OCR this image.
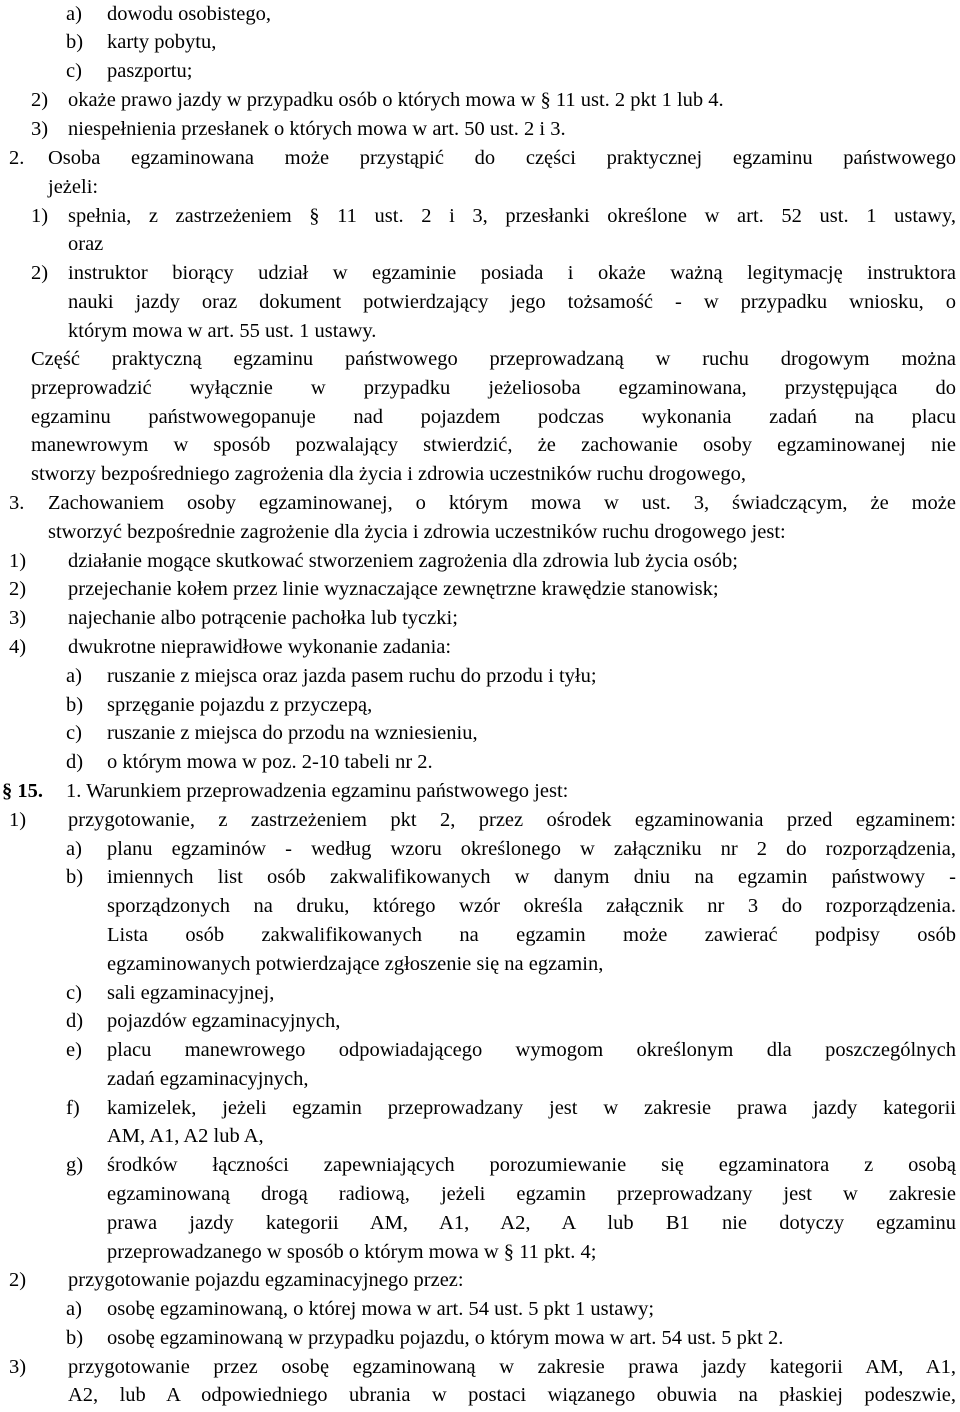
a) dowodu osobistego,
b) karty pobytu,
c) paszportu;
2) okaże prawo jazdy w przypadku osób o których mowa w § 11 ust. 2 pkt 1 lub 4.
3) niespełnienia przesłanek o których mowa w art. 50 ust. 2 i 3.
2. Osoba egzaminowana może przystąpić do części praktycznej egzaminu państwowego
jeżeli:
1) spełnia, z zastrzeżeniem § 11 ust. 2 i 3, przesłanki określone w art. 52 ust. 1 ustawy,
oraz
2) instruktor biorący udział w egzaminie posiada i okaże ważną legitymację instruktora
nauki jazdy oraz dokument potwierdzający jego tożsamość - w przypadku wniosku, o
którym mowa w art. 55 ust. 1 ustawy.
Część praktyczną egzaminu państwowego przeprowadzaną w ruchu drogowym można
przeprowadzić wyłącznie w przypadku jeżeliosoba egzaminowana, przystępująca do
egzaminu państwowegopanuje nad pojazdem podczas wykonania zadań na placu
manewrowym w sposób pozwalający stwierdzić, że zachowanie osoby egzaminowanej nie
stworzy bezpośredniego zagrożenia dla życia i zdrowia uczestników ruchu drogowego,
3. Zachowaniem osoby egzaminowanej, o którym mowa w ust. 3, świadczącym, że może
stworzyć bezpośrednie zagrożenie dla życia i zdrowia uczestników ruchu drogowego jest:
1) działanie mogące skutkować stworzeniem zagrożenia dla zdrowia lub życia osób;
2) przejechanie kołem przez linie wyznaczające zewnętrzne krawędzie stanowisk;
3) najechanie albo potrącenie pachołka lub tyczki;
4) dwukrotne nieprawidłowe wykonanie zadania:
a) ruszanie z miejsca oraz jazda pasem ruchu do przodu i tyłu;
b) sprzęganie pojazdu z przyczepą,
c) ruszanie z miejsca do przodu na wzniesieniu,
d) o którym mowa w poz. 2-10 tabeli nr 2.
§ 15. 1. Warunkiem przeprowadzenia egzaminu państwowego jest:
1) przygotowanie, z zastrzeżeniem pkt 2, przez ośrodek egzaminowania przed egzaminem:
a) planu egzaminów - według wzoru określonego w załączniku nr 2 do rozporządzenia,
b) imiennych list osób zakwalifikowanych w danym dniu na egzamin państwowy -
sporządzonych na druku, którego wzór określa załącznik nr 3 do rozporządzenia.
Lista osób zakwalifikowanych na egzamin może zawierać podpisy osób
egzaminowanych potwierdzające zgłoszenie się na egzamin,
c) sali egzaminacyjnej,
d) pojazdów egzaminacyjnych,
e) placu manewrowego odpowiadającego wymogom określonym dla poszczególnych
zadań egzaminacyjnych,
f) kamizelek, jeżeli egzamin przeprowadzany jest w zakresie prawa jazdy kategorii
AM, A1, A2 lub A,
g) środków łączności zapewniających porozumiewanie się egzaminatora z osobą
egzaminowaną drogą radiową, jeżeli egzamin przeprowadzany jest w zakresie
prawa jazdy kategorii AM, A1, A2, A lub B1 nie dotyczy egzaminu
przeprowadzanego w sposób o którym mowa w § 11 pkt. 4;
2) przygotowanie pojazdu egzaminacyjnego przez:
a) osobę egzaminowaną, o której mowa w art. 54 ust. 5 pkt 1 ustawy;
b) osobę egzaminowaną w przypadku pojazdu, o którym mowa w art. 54 ust. 5 pkt 2.
3) przygotowanie przez osobę egzaminowaną w zakresie prawa jazdy kategorii AM, A1,
A2, lub A odpowiedniego ubrania w postaci wiązanego obuwia na płaskiej podeszwie,
